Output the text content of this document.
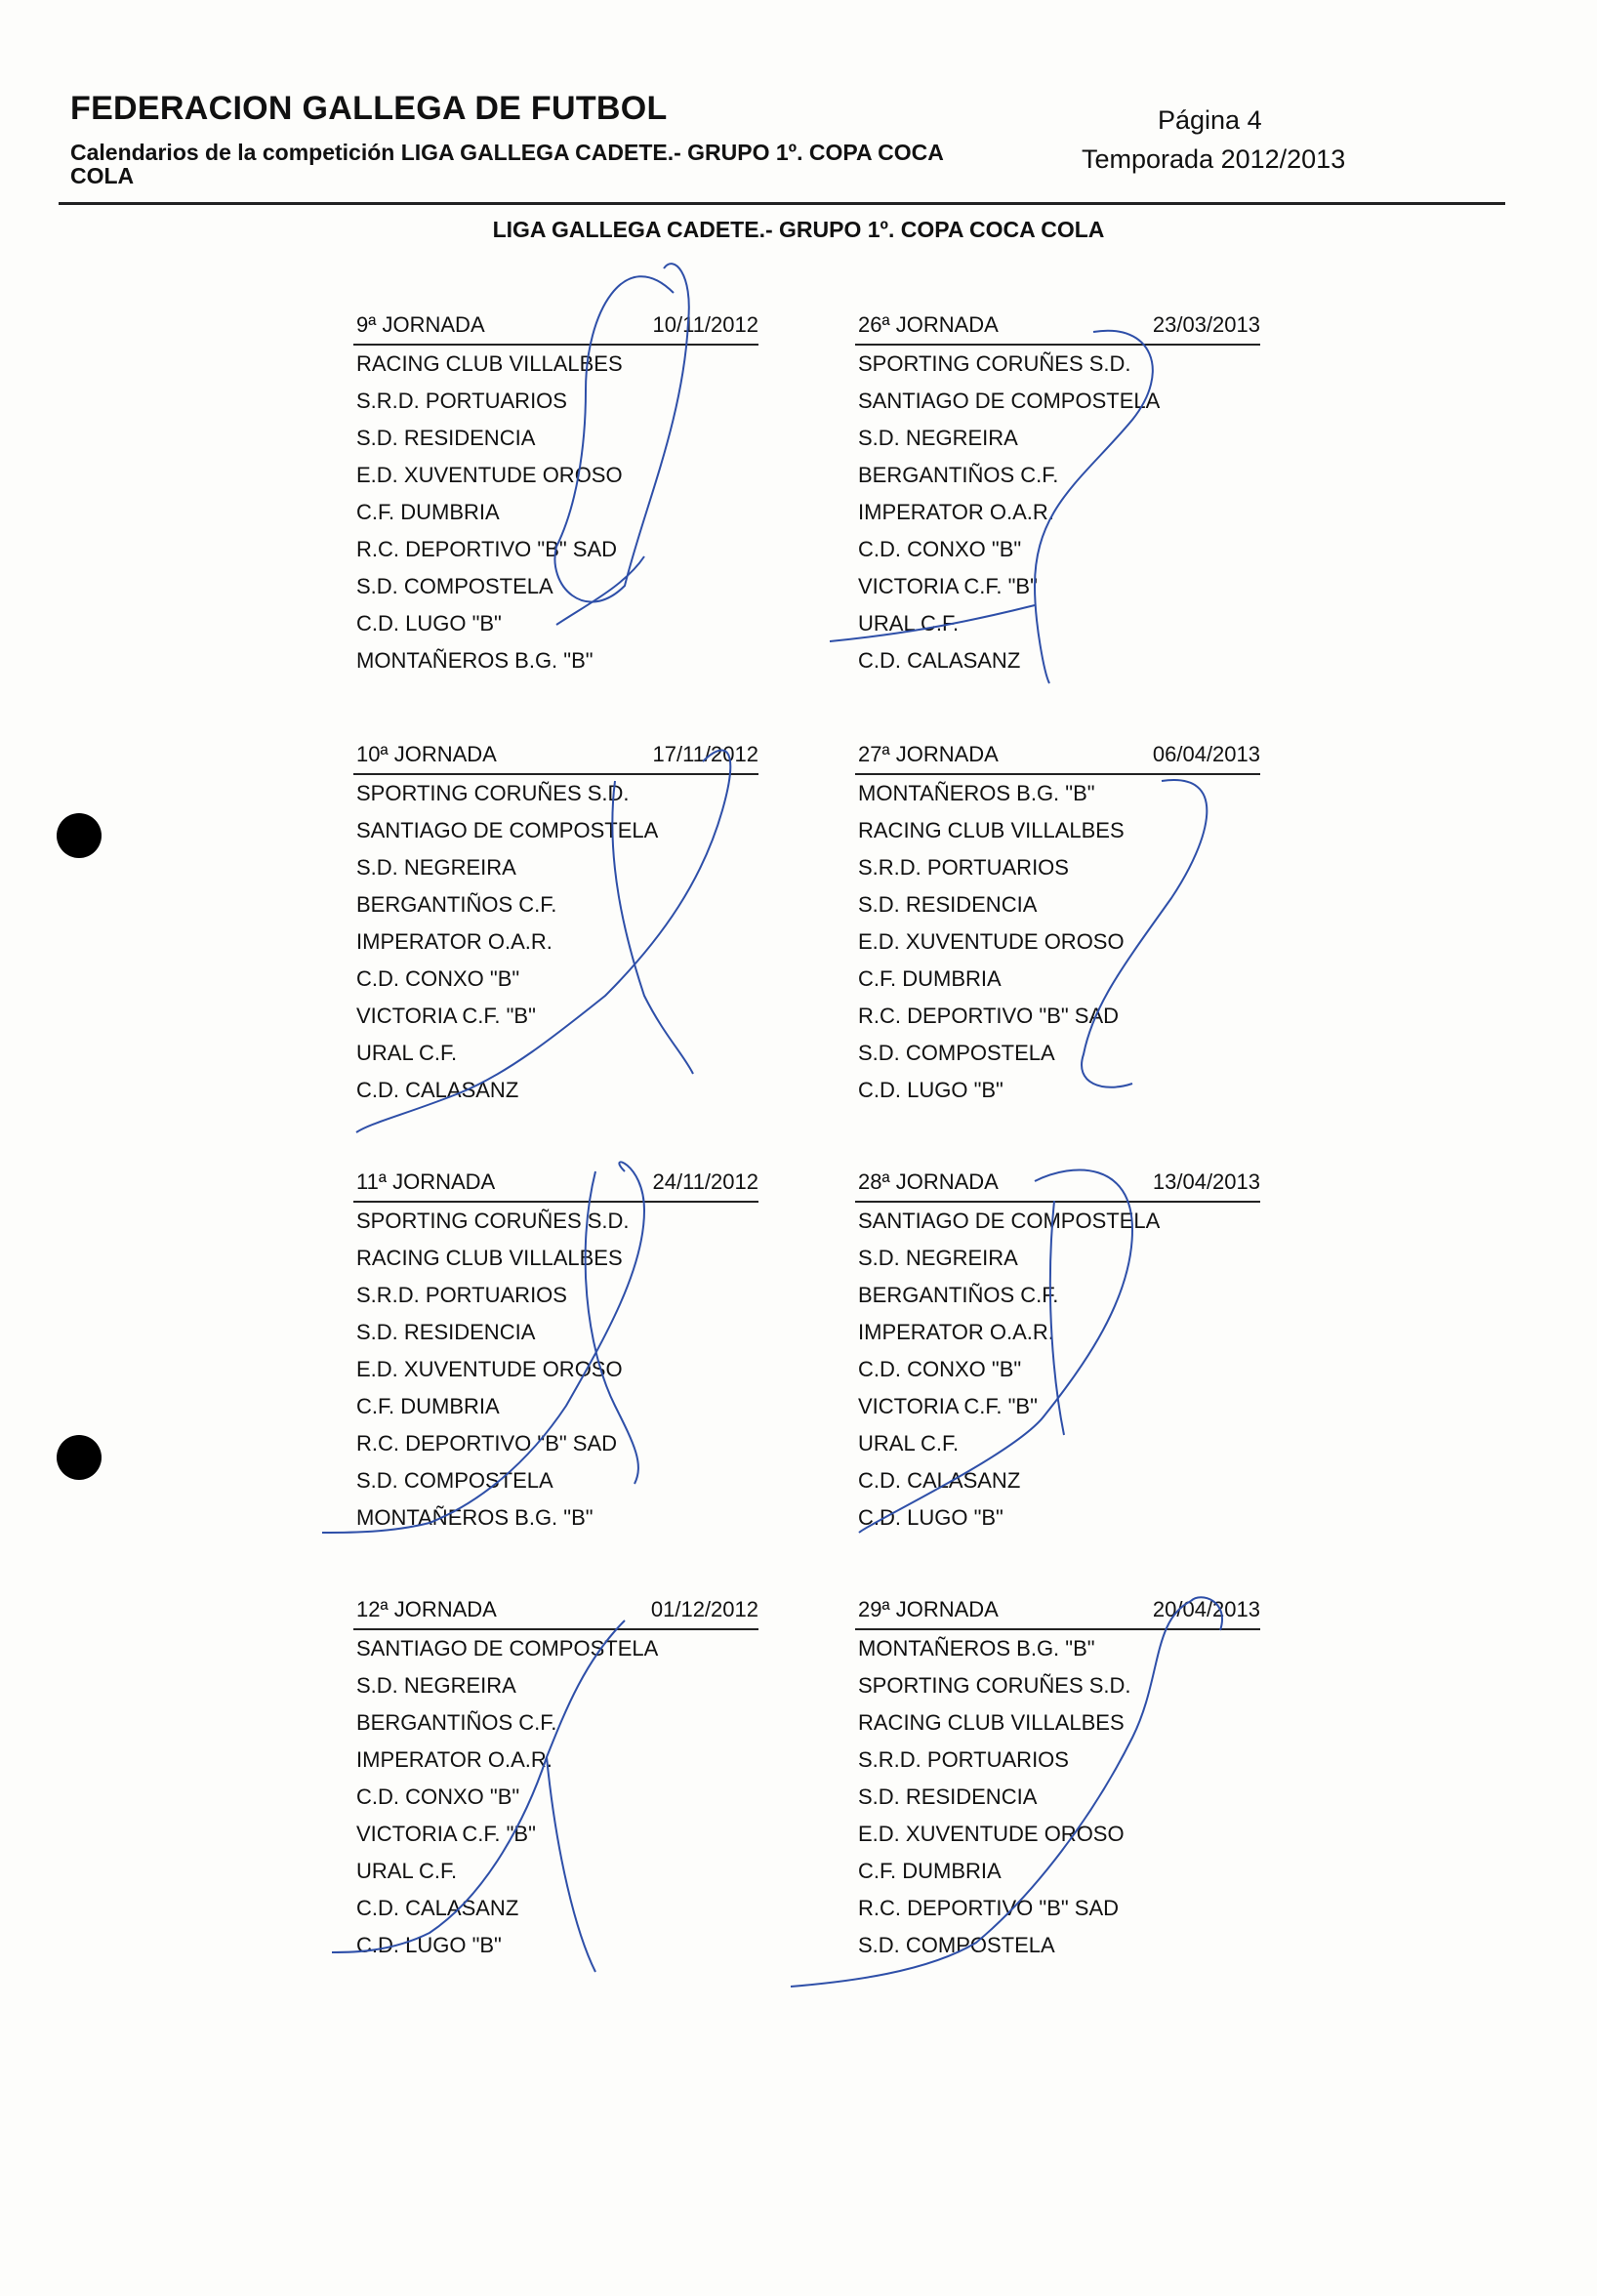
FEDERACION GALLEGA DE FUTBOL
Calendarios de la competición LIGA GALLEGA CADETE.- GRUPO 1º. COPA COCA COLA
Página 4
Temporada 2012/2013
LIGA GALLEGA CADETE.- GRUPO 1º. COPA COCA COLA
9ª JORNADA	10/11/2012
RACING CLUB VILLALBES
S.R.D. PORTUARIOS
S.D. RESIDENCIA
E.D. XUVENTUDE OROSO
C.F. DUMBRIA
R.C. DEPORTIVO "B" SAD
S.D. COMPOSTELA
C.D. LUGO "B"
MONTAÑEROS B.G. "B"
26ª JORNADA	23/03/2013
SPORTING CORUÑES S.D.
SANTIAGO DE COMPOSTELA
S.D. NEGREIRA
BERGANTIÑOS C.F.
IMPERATOR O.A.R.
C.D. CONXO "B"
VICTORIA C.F. "B"
URAL C.F.
C.D. CALASANZ
10ª JORNADA	17/11/2012
SPORTING CORUÑES S.D.
SANTIAGO DE COMPOSTELA
S.D. NEGREIRA
BERGANTIÑOS C.F.
IMPERATOR O.A.R.
C.D. CONXO "B"
VICTORIA C.F. "B"
URAL C.F.
C.D. CALASANZ
27ª JORNADA	06/04/2013
MONTAÑEROS B.G. "B"
RACING CLUB VILLALBES
S.R.D. PORTUARIOS
S.D. RESIDENCIA
E.D. XUVENTUDE OROSO
C.F. DUMBRIA
R.C. DEPORTIVO "B" SAD
S.D. COMPOSTELA
C.D. LUGO "B"
11ª JORNADA	24/11/2012
SPORTING CORUÑES S.D.
RACING CLUB VILLALBES
S.R.D. PORTUARIOS
S.D. RESIDENCIA
E.D. XUVENTUDE OROSO
C.F. DUMBRIA
R.C. DEPORTIVO "B" SAD
S.D. COMPOSTELA
MONTAÑEROS B.G. "B"
28ª JORNADA	13/04/2013
SANTIAGO DE COMPOSTELA
S.D. NEGREIRA
BERGANTIÑOS C.F.
IMPERATOR O.A.R.
C.D. CONXO "B"
VICTORIA C.F. "B"
URAL C.F.
C.D. CALASANZ
C.D. LUGO "B"
12ª JORNADA	01/12/2012
SANTIAGO DE COMPOSTELA
S.D. NEGREIRA
BERGANTIÑOS C.F.
IMPERATOR O.A.R.
C.D. CONXO "B"
VICTORIA C.F. "B"
URAL C.F.
C.D. CALASANZ
C.D. LUGO "B"
29ª JORNADA	20/04/2013
MONTAÑEROS B.G. "B"
SPORTING CORUÑES S.D.
RACING CLUB VILLALBES
S.R.D. PORTUARIOS
S.D. RESIDENCIA
E.D. XUVENTUDE OROSO
C.F. DUMBRIA
R.C. DEPORTIVO "B" SAD
S.D. COMPOSTELA
